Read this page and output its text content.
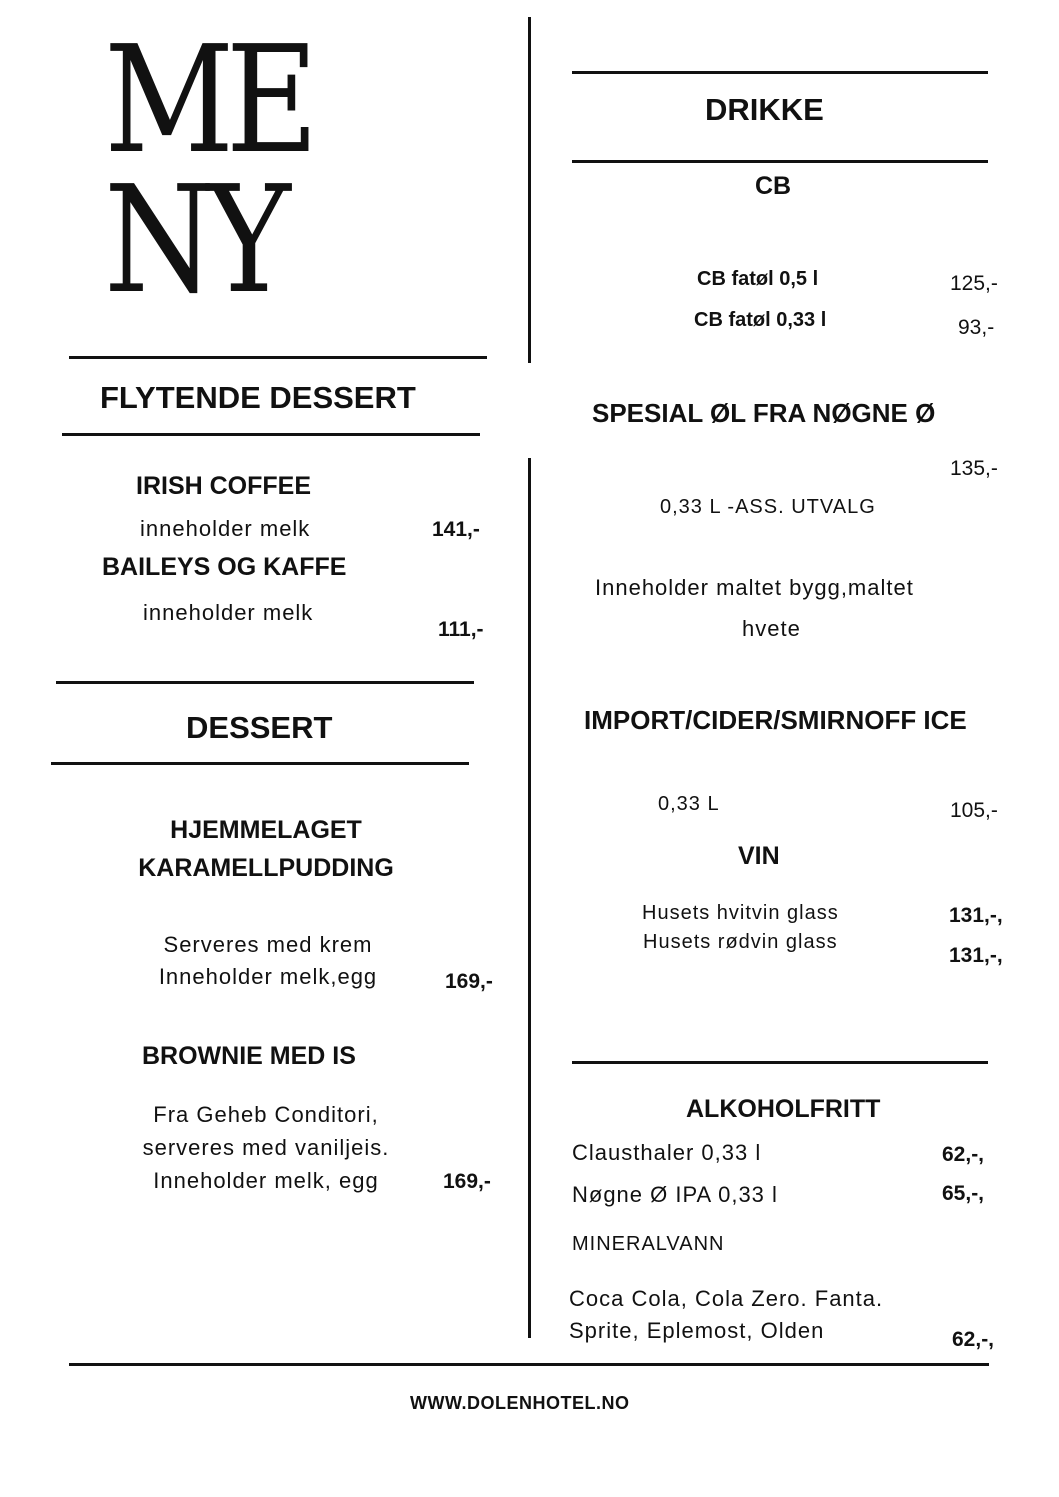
ME
NY
FLYTENDE DESSERT
IRISH COFFEE
inneholder melk	141,-
BAILEYS OG KAFFE
inneholder melk
111,-
DESSERT
HJEMMELAGET
KARAMELLPUDDING
Serveres med krem
Inneholder melk,egg	169,-
BROWNIE MED IS
Fra Geheb Conditori,
serveres med vaniljeis.
Inneholder melk, egg	169,-
DRIKKE
CB
CB fatøl 0,5 l	125,-
CB fatøl 0,33 l	93,-
SPESIAL ØL FRA NØGNE Ø
135,-
0,33 L -ASS. UTVALG
Inneholder maltet bygg,maltet
hvete
IMPORT/CIDER/SMIRNOFF ICE
0,33 L	105,-
VIN
Husets hvitvin glass	131,-,
Husets rødvin glass
131,-,
ALKOHOLFRITT
Clausthaler 0,33 l	62,-,
Nøgne Ø IPA 0,33 l	65,-,
MINERALVANN
Coca Cola, Cola Zero. Fanta.
Sprite, Eplemost, Olden	62,-,
WWW.DOLENHOTEL.NO
